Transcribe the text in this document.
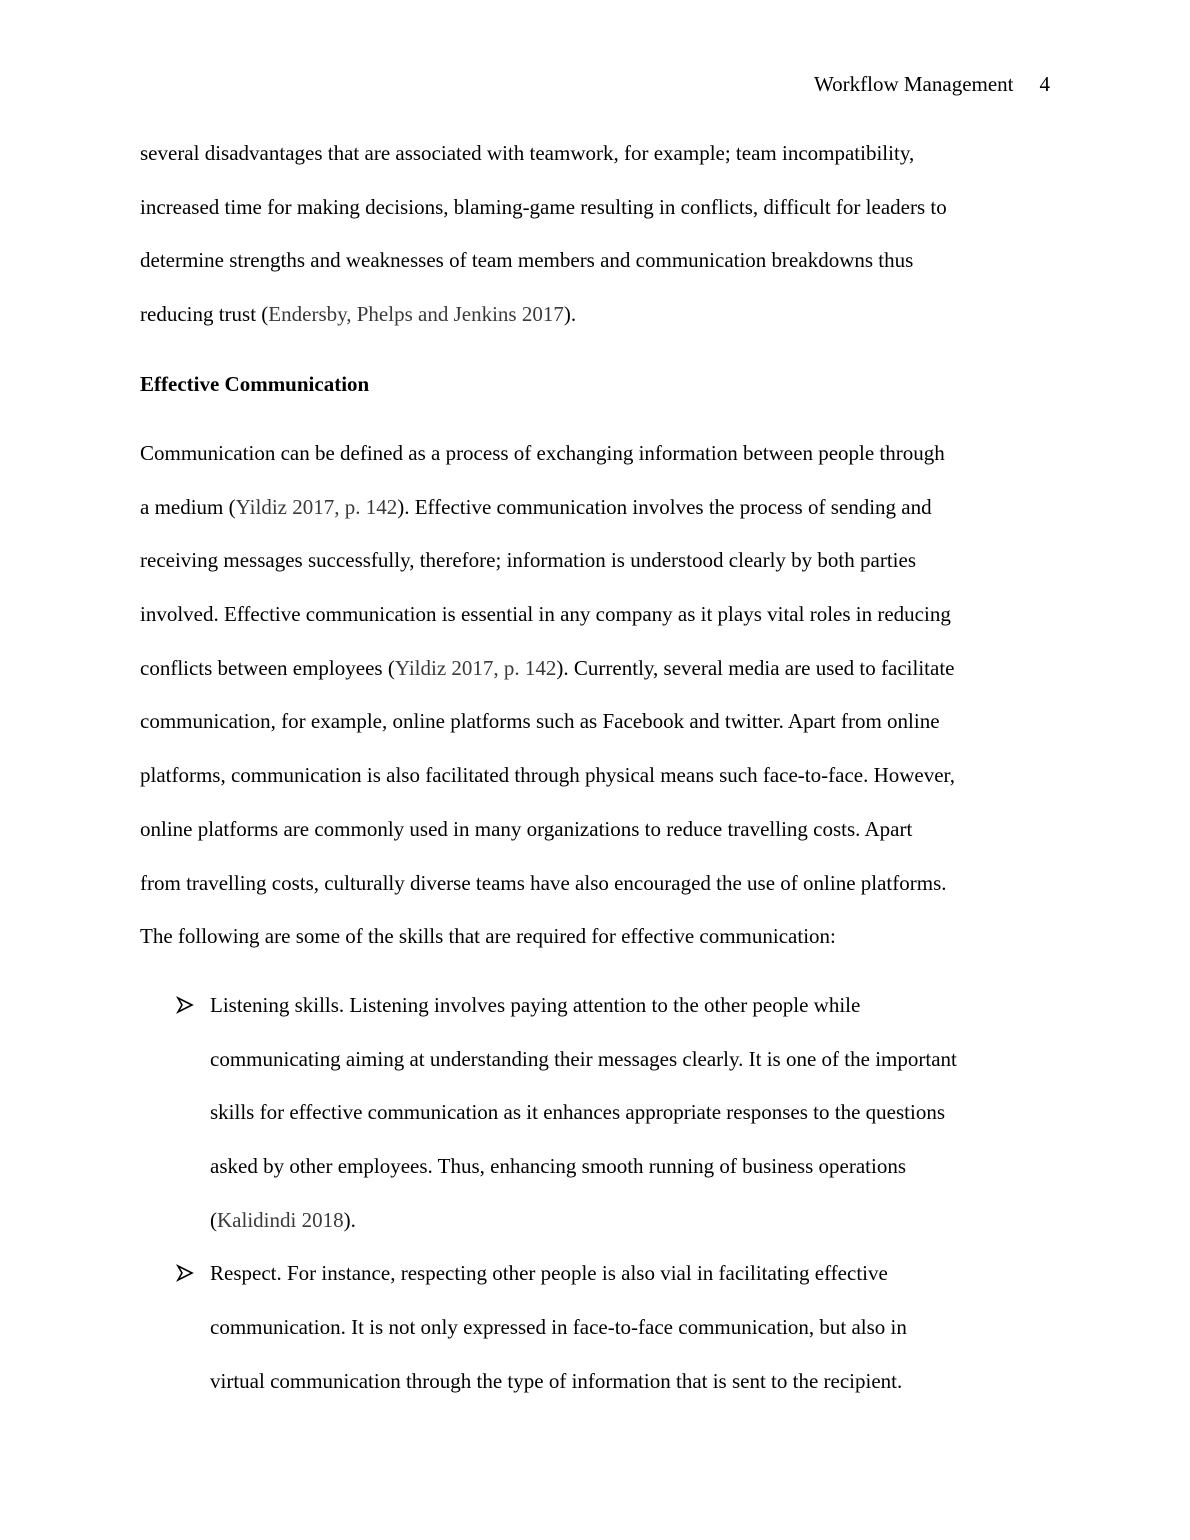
Workflow Management 4

several disadvantages that are associated with teamwork, for example; team incompatibility,
increased time for making decisions, blaming-game resulting in conflicts, difficult for leaders to
determine strengths and weaknesses of team members and communication breakdowns thus
reducing trust (Endersby, Phelps and Jenkins 2017).

Effective Communication

Communication can be defined as a process of exchanging information between people through
a medium (Yildiz 2017, p. 142). Effective communication involves the process of sending and
receiving messages successfully, therefore; information is understood clearly by both parties
involved. Effective communication is essential in any company as it plays vital roles in reducing
conflicts between employees (Yildiz 2017, p. 142). Currently, several media are used to facilitate
communication, for example, online platforms such as Facebook and twitter. Apart from online
platforms, communication is also facilitated through physical means such face-to-face. However,
online platforms are commonly used in many organizations to reduce travelling costs. Apart
from travelling costs, culturally diverse teams have also encouraged the use of online platforms.
The following are some of the skills that are required for effective communication:

Listening skills. Listening involves paying attention to the other people while
communicating aiming at understanding their messages clearly. It is one of the important
skills for effective communication as it enhances appropriate responses to the questions
asked by other employees. Thus, enhancing smooth running of business operations
(Kalidindi 2018).
Respect. For instance, respecting other people is also vial in facilitating effective
communication. It is not only expressed in face-to-face communication, but also in
virtual communication through the type of information that is sent to the recipient.
